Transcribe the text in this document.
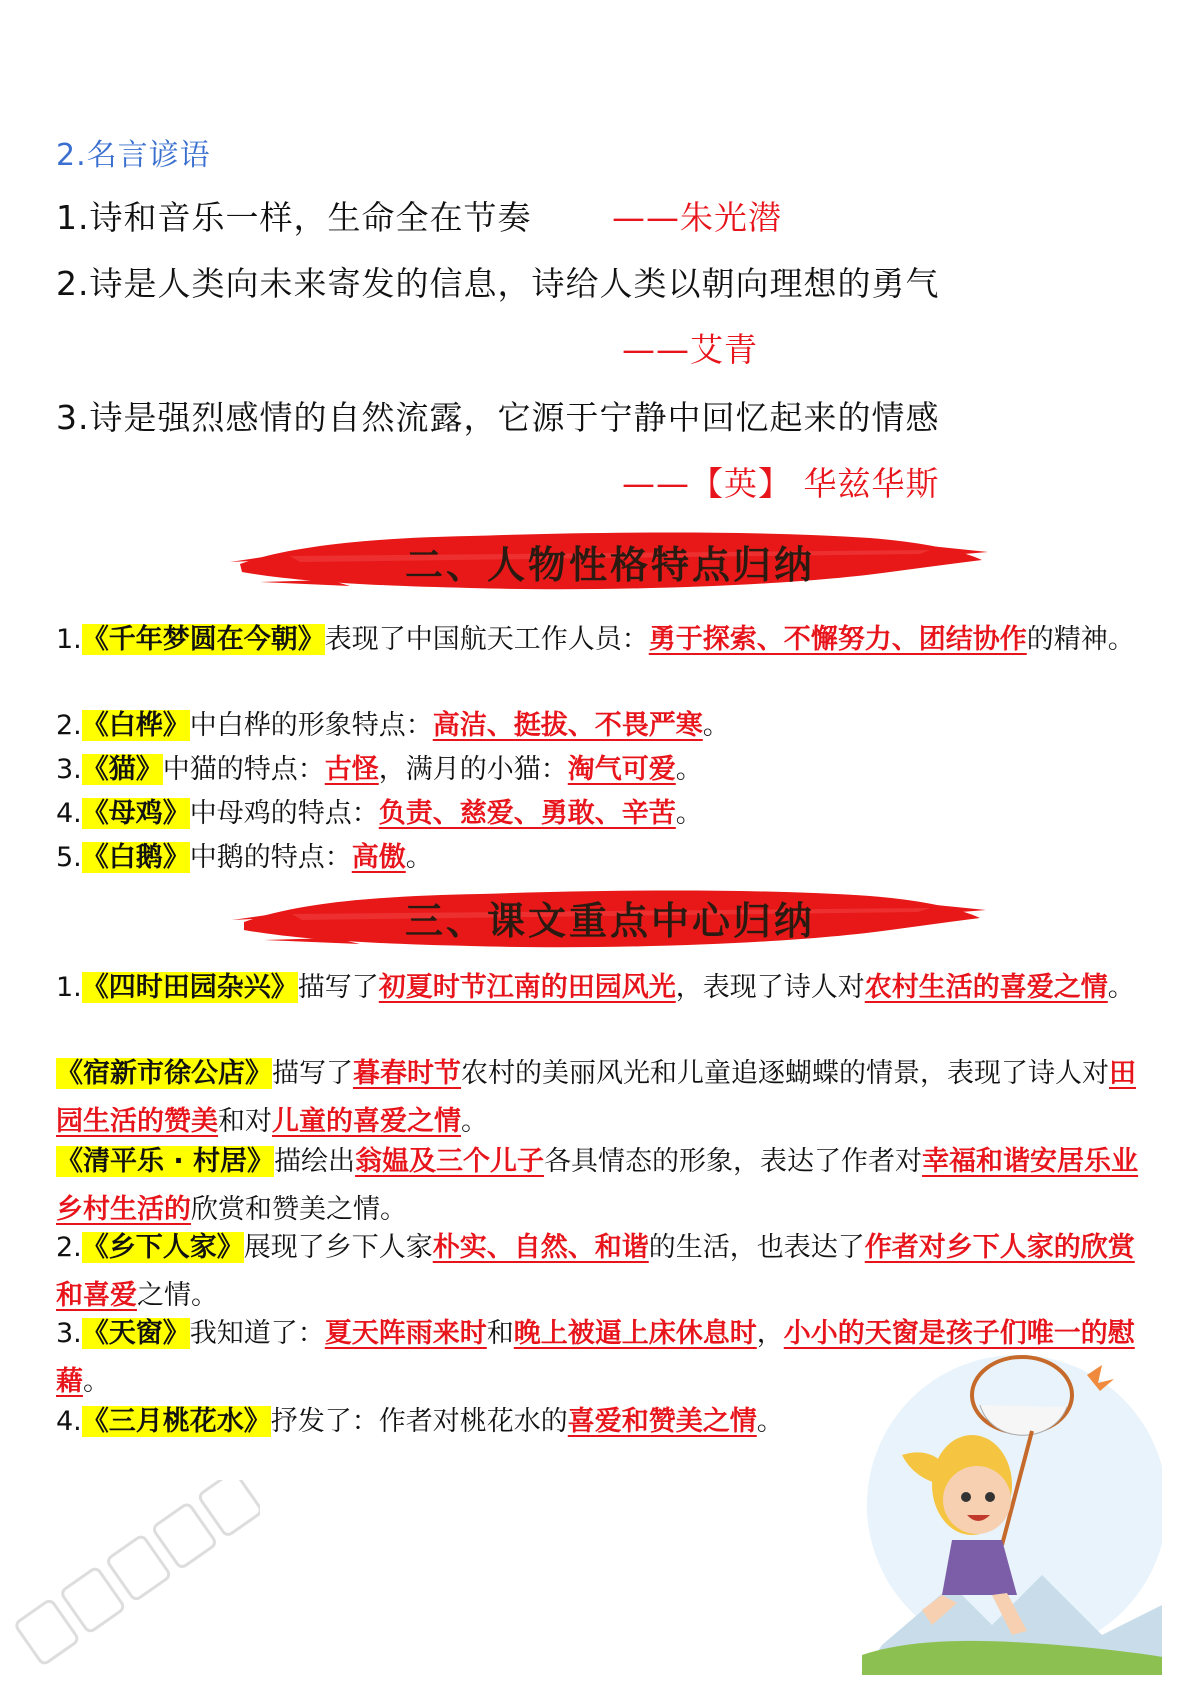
2.名言谚语
1.诗和音乐一样，生命全在节奏 ——朱光潜
2.诗是人类向未来寄发的信息，诗给人类以朝向理想的勇气
——艾青
3.诗是强烈感情的自然流露，它源于宁静中回忆起来的情感
——【英】 华兹华斯
二、人物性格特点归纳
1.《千年梦圆在今朝》表现了中国航天工作人员：勇于探索、不懈努力、团结协作的精神。
2.《白桦》中白桦的形象特点：高洁、挺拔、不畏严寒。
3.《猫》中猫的特点：古怪，满月的小猫：淘气可爱。
4.《母鸡》中母鸡的特点：负责、慈爱、勇敢、辛苦。
5.《白鹅》中鹅的特点：高傲。
三、课文重点中心归纳
1.《四时田园杂兴》描写了初夏时节江南的田园风光，表现了诗人对农村生活的喜爱之情。
《宿新市徐公店》描写了暮春时节农村的美丽风光和儿童追逐蝴蝶的情景，表现了诗人对田园生活的赞美和对儿童的喜爱之情。
《清平乐 · 村居》描绘出翁媪及三个儿子各具情态的形象，表达了作者对幸福和谐安居乐业乡村生活的欣赏和赞美之情。
2.《乡下人家》展现了乡下人家朴实、自然、和谐的生活，也表达了作者对乡下人家的欣赏和喜爱之情。
3.《天窗》我知道了：夏天阵雨来时和晚上被逼上床休息时，小小的天窗是孩子们唯一的慰藉。
4.《三月桃花水》抒发了：作者对桃花水的喜爱和赞美之情。
